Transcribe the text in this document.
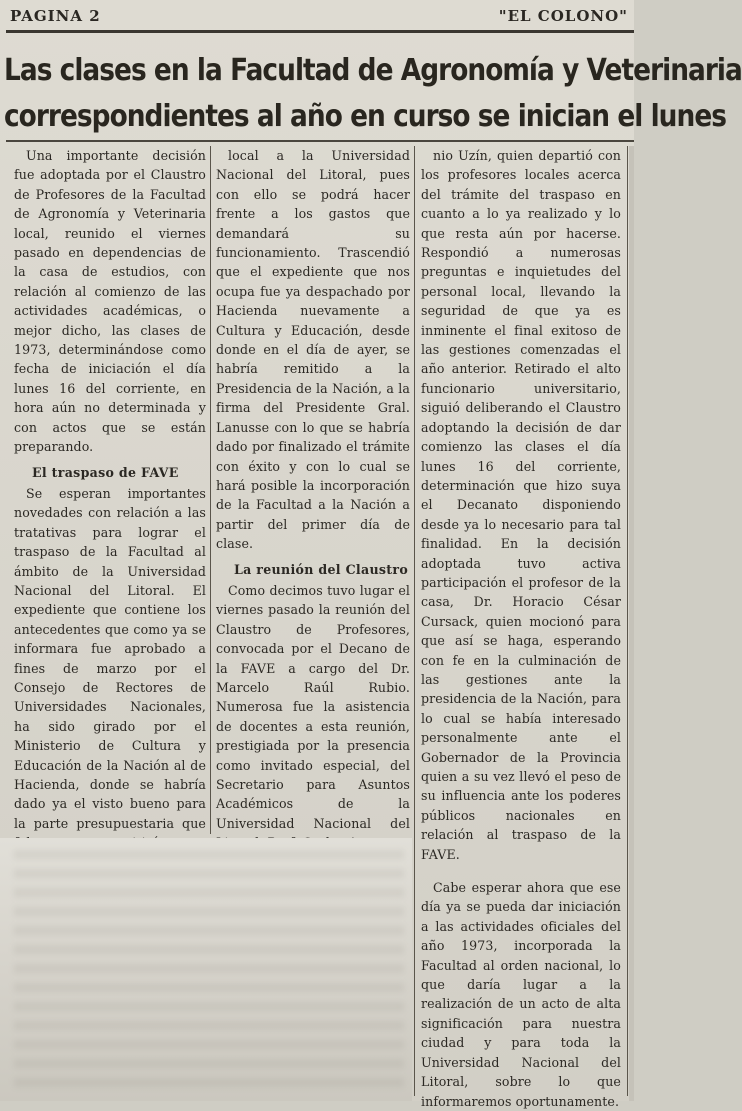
PAGINA 2	"EL COLONO"
Las clases en la Facultad de Agronomía y Veterinaria
correspondientes al año en curso se inician el lunes

Una importante decisión fue adoptada por el Claustro de Profesores de la Facultad de Agronomía y Veterinaria local, reunido el viernes pasado en dependencias de la casa de estudios, con relación al comienzo de las actividades académicas, o mejor dicho, las clases de 1973, determinándose como fecha de iniciación el día lunes 16 del corriente, en hora aún no determinada y con actos que se están preparando.

El traspaso de FAVE

Se esperan importantes novedades con relación a las tratativas para lograr el traspaso de la Facultad al ámbito de la Universidad Nacional del Litoral. El expediente que contiene los antecedentes que como ya se informara fue aprobado a fines de marzo por el Consejo de Rectores de Universidades Nacionales, ha sido girado por el Ministerio de Cultura y Educación de la Nación al de Hacienda, donde se habría dado ya el visto bueno para la parte presupuestaria que

local a la Universidad Nacional del Litoral, pues con ello se podrá hacer frente a los gastos que demandará su funcionamiento. Trascendió que el expediente que nos ocupa fue ya despachado por Hacienda nuevamente a Cultura y Educación, desde donde en el día de ayer, se habría remitido a la Presidencia de la Nación, a la firma del Presidente Gral. Lanusse con lo que se habría dado por finalizado el trámite con éxito y con lo cual se hará posible la incorporación de la Facultad a la Nación a partir del primer día de clase.

La reunión del Claustro

Como decimos tuvo lugar el viernes pasado la reunión del Claustro de Profesores, convocada por el Decano de la FAVE a cargo del Dr. Marcelo Raúl Rubio. Numerosa fue la asistencia de docentes a esta reunión, prestigiada por la presencia como invitado especial, del Secretario para Asuntos Académicos de la Universidad Nacional del

nio Uzín, quien departió con los profesores locales acerca del trámite del traspaso en cuanto a lo ya realizado y lo que resta aún por hacerse. Respondió a numerosas preguntas e inquietudes del personal local, llevando la seguridad de que ya es inminente el final exitoso de las gestiones comenzadas el año anterior. Retirado el alto funcionario universitario, siguió deliberando el Claustro adoptando la decisión de dar comienzo las clases el día lunes 16 del corriente, determinación que hizo suya el Decanato disponiendo desde ya lo necesario para tal finalidad. En la decisión adoptada tuvo activa participación el profesor de la casa, Dr. Horacio César Cursack, quien mocionó para que así se haga, esperando con fe en la culminación de las gestiones ante la presidencia de la Nación, para lo cual se había interesado personalmente ante el Gobernador de la Provincia quien a su vez llevó el peso de su influencia ante los poderes públicos nacionales en relación al traspaso de la FAVE.

Cabe esperar ahora que ese día ya se pueda dar iniciación a las actividades oficiales del año 1973, incorporada la Facultad al orden nacional, lo que daría lugar a la realización de un acto de alta significación para nuestra ciudad y para toda la Universidad Nacional del Litoral, sobre lo que informaremos oportunamente.
